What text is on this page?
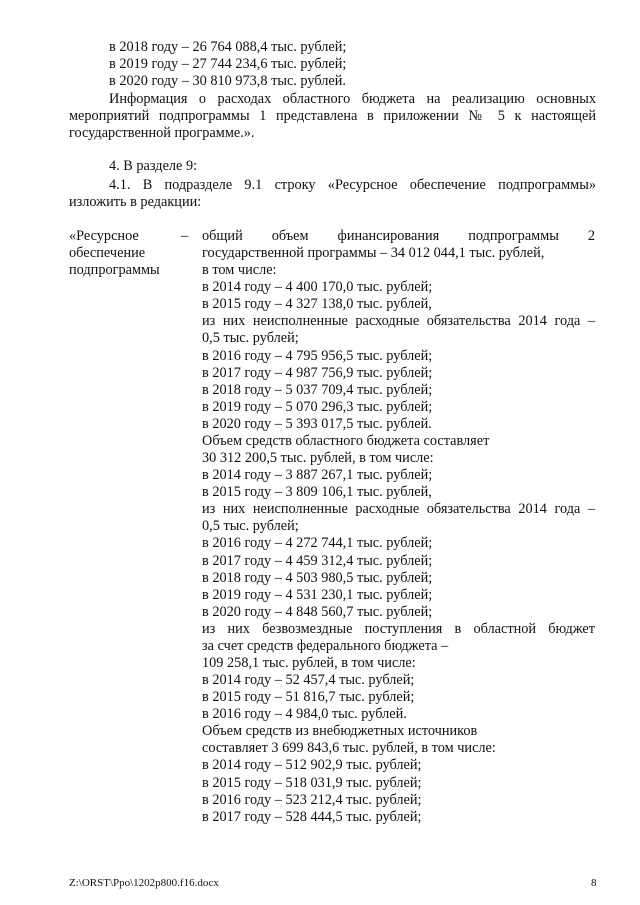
в 2018 году – 26 764 088,4 тыс. рублей;
в 2019 году – 27 744 234,6 тыс. рублей;
в 2020 году – 30 810 973,8 тыс. рублей.
Информация о расходах областного бюджета на реализацию основных
мероприятий подпрограммы 1 представлена в приложении № 5 к настоящей
государственной программе.».
4. В разделе 9:
4.1. В подразделе 9.1 строку «Ресурсное обеспечение подпрограммы»
изложить в редакции:
«Ресурсное
обеспечение
подпрограммы
– общий объем финансирования подпрограммы 2
государственной программы – 34 012 044,1 тыс. рублей,
в том числе:
в 2014 году – 4 400 170,0 тыс. рублей;
в 2015 году – 4 327 138,0 тыс. рублей,
из них неисполненные расходные обязательства 2014 года –
0,5 тыс. рублей;
в 2016 году – 4 795 956,5 тыс. рублей;
в 2017 году – 4 987 756,9 тыс. рублей;
в 2018 году – 5 037 709,4 тыс. рублей;
в 2019 году – 5 070 296,3 тыс. рублей;
в 2020 году – 5 393 017,5 тыс. рублей.
Объем средств областного бюджета составляет
30 312 200,5 тыс. рублей, в том числе:
в 2014 году – 3 887 267,1 тыс. рублей;
в 2015 году – 3 809 106,1 тыс. рублей,
из них неисполненные расходные обязательства 2014 года –
0,5 тыс. рублей;
в 2016 году – 4 272 744,1 тыс. рублей;
в 2017 году – 4 459 312,4 тыс. рублей;
в 2018 году – 4 503 980,5 тыс. рублей;
в 2019 году – 4 531 230,1 тыс. рублей;
в 2020 году – 4 848 560,7 тыс. рублей;
из них безвозмездные поступления в областной бюджет
за счет средств федерального бюджета –
109 258,1 тыс. рублей, в том числе:
в 2014 году – 52 457,4 тыс. рублей;
в 2015 году – 51 816,7 тыс. рублей;
в 2016 году – 4 984,0 тыс. рублей.
Объем средств из внебюджетных источников
составляет 3 699 843,6 тыс. рублей, в том числе:
в 2014 году – 512 902,9 тыс. рублей;
в 2015 году – 518 031,9 тыс. рублей;
в 2016 году – 523 212,4 тыс. рублей;
в 2017 году – 528 444,5 тыс. рублей;
Z:\ORST\Ppo\1202p800.f16.docx	8
